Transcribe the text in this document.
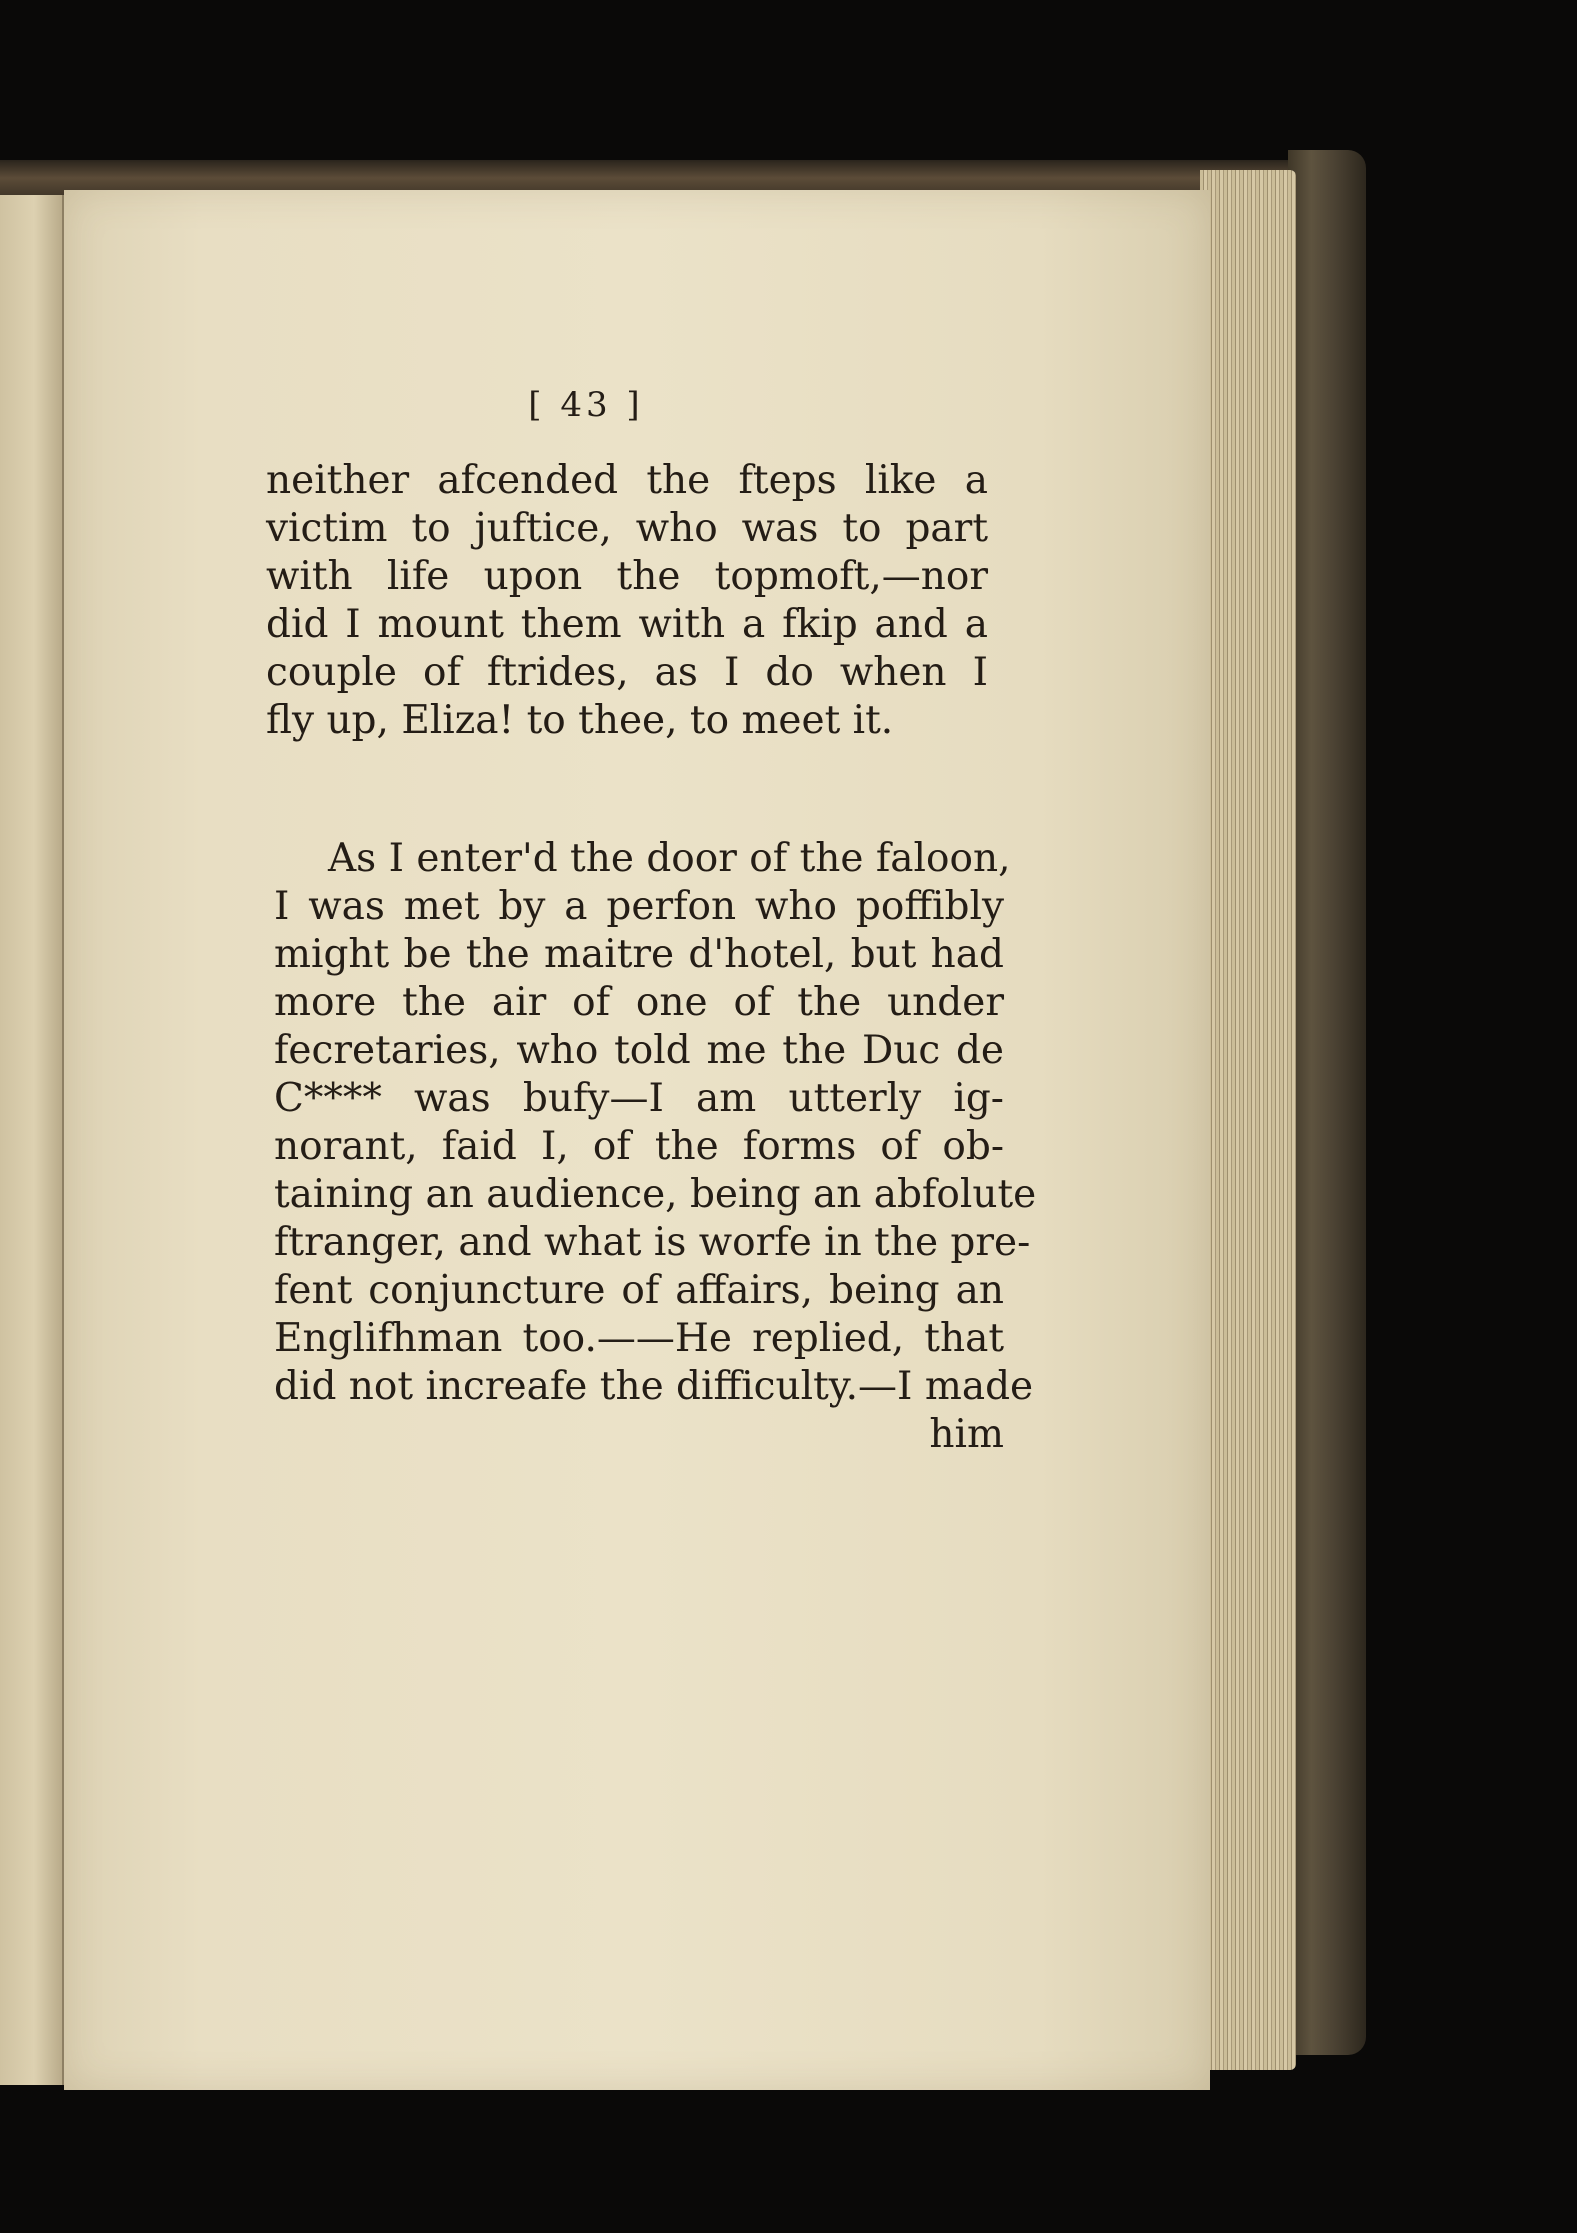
[ 43 ]
neither afcended the fteps like a
victim to juftice, who was to part
with life upon the topmoft,—nor
did I mount them with a fkip and a
couple of ftrides, as I do when I
fly up, Eliza! to thee, to meet it.
As I enter'd the door of the faloon,
I was met by a perfon who poffibly
might be the maitre d'hotel, but had
more the air of one of the under
fecretaries, who told me the Duc de
C**** was bufy—I am utterly ig-
norant, faid I, of the forms of ob-
taining an audience, being an abfolute
ftranger, and what is worfe in the pre-
fent conjuncture of affairs, being an
Englifhman too.——He replied, that
did not increafe the difficulty.—I made
him
